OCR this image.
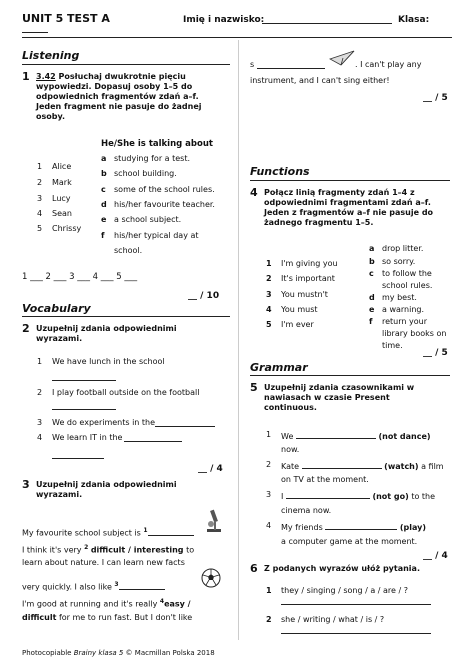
UNIT 5 TEST A	Imię i nazwisko:	Klasa:
Listening
1 3.42 Posłuchaj dwukrotnie pięciu
wypowiedzi. Dopasuj osoby 1–5 do
odpowiednich fragmentów zdań a–f.
Jeden fragment nie pasuje do żadnej
osoby.
He/She is talking about
1 Alice
2 Mark
3 Lucy
4 Sean
5 Chrissy
a studying for a test.
b school building.
c some of the school rules.
d his/her favourite teacher.
e a school subject.
f his/her typical day at
school.
1 ___ 2 ___ 3 ___ 4 ___ 5 ___
__ / 10
Vocabulary
2 Uzupełnij zdania odpowiednimi
wyrazami.
1 We have lunch in the school
2 I play football outside on the football
3 We do experiments in the
4 We learn IT in the
__ / 4
3 Uzupełnij zdania odpowiednimi
wyrazami.
My favourite school subject is $^1$
I think it's very $^2$ difficult / interesting to
learn about nature. I can learn new facts
very quickly. I also like $^3$
I'm good at running and it's really $^4$easy /
difficult for me to run fast. But I don't like
s	. I can't play any
instrument, and I can't sing either!
__ / 5
Functions
4 Połącz linią fragmenty zdań 1–4 z
odpowiednimi fragmentami zdań a–f.
Jeden z fragmentów a–f nie pasuje do
żadnego fragmentu 1–5.
1 I'm giving you
2 It's important
3 You mustn't
4 You must
5 I'm ever
a drop litter.
b so sorry.
c to follow the
school rules.
d my best.
e a warning.
f return your
library books on
time.
__ / 5
Grammar
5 Uzupełnij zdania czasownikami w
nawiasach w czasie Present
continuous.
1 We	(not dance)
now.
2 Kate	(watch) a film
on TV at the moment.
3 I	(not go) to the
cinema now.
4 My friends	(play)
a computer game at the moment.
__ / 4
6 Z podanych wyrazów ułóż pytania.
1 they / singing / song / a / are / ?
2 she / writing / what / is / ?
Photocopiable Brainy klasa 5 © Macmillan Polska 2018
